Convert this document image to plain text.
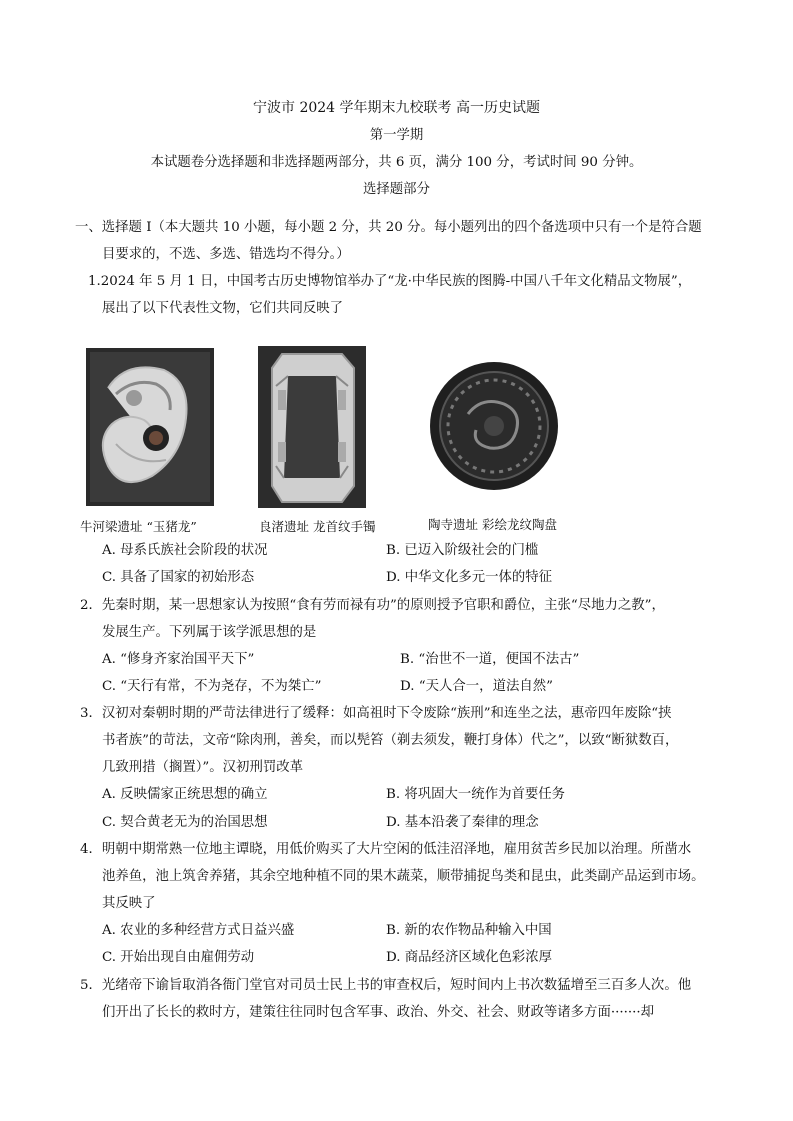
宁波市 2024 学年期末九校联考 高一历史试题
第一学期
本试题卷分选择题和非选择题两部分，共 6 页，满分 100 分，考试时间 90 分钟。
选择题部分
一、选择题 I（本大题共 10 小题，每小题 2 分，共 20 分。每小题列出的四个备选项中只有一个是符合题
目要求的，不选、多选、错选均不得分。）
1.2024 年 5 月 1 日，中国考古历史博物馆举办了“龙·中华民族的图腾-中国八千年文化精品文物展”，
展出了以下代表性文物，它们共同反映了
牛河梁遗址 “玉猪龙”	良渚遗址 龙首纹手镯	陶寺遗址 彩绘龙纹陶盘
A. 母系氏族社会阶段的状况	B. 已迈入阶级社会的门槛
C. 具备了国家的初始形态	D. 中华文化多元一体的特征
2．先秦时期，某一思想家认为按照“食有劳而禄有功”的原则授予官职和爵位，主张“尽地力之教”，
发展生产。下列属于该学派思想的是
A. “修身齐家治国平天下”	B. “治世不一道，便国不法古”
C. “天行有常，不为尧存，不为桀亡”	D. “天人合一，道法自然”
3．汉初对秦朝时期的严苛法律进行了缓释：如高祖时下令废除“族刑”和连坐之法，惠帝四年废除“挟
书者族”的苛法，文帝“除肉刑，善矣，而以髡笞（剃去须发，鞭打身体）代之”，以致“断狱数百，
几致刑措（搁置）”。汉初刑罚改革
A. 反映儒家正统思想的确立	B. 将巩固大一统作为首要任务
C. 契合黄老无为的治国思想	D. 基本沿袭了秦律的理念
4．明朝中期常熟一位地主谭晓，用低价购买了大片空闲的低洼沼泽地，雇用贫苦乡民加以治理。所凿水
池养鱼，池上筑舍养猪，其余空地种植不同的果木蔬菜，顺带捕捉鸟类和昆虫，此类副产品运到市场。
其反映了
A. 农业的多种经营方式日益兴盛	B. 新的农作物品种输入中国
C. 开始出现自由雇佣劳动	D. 商品经济区域化色彩浓厚
5．光绪帝下谕旨取消各衙门堂官对司员士民上书的审查权后，短时间内上书次数猛增至三百多人次。他
们开出了长长的救时方，建策往往同时包含军事、政治、外交、社会、财政等诸多方面·······却
